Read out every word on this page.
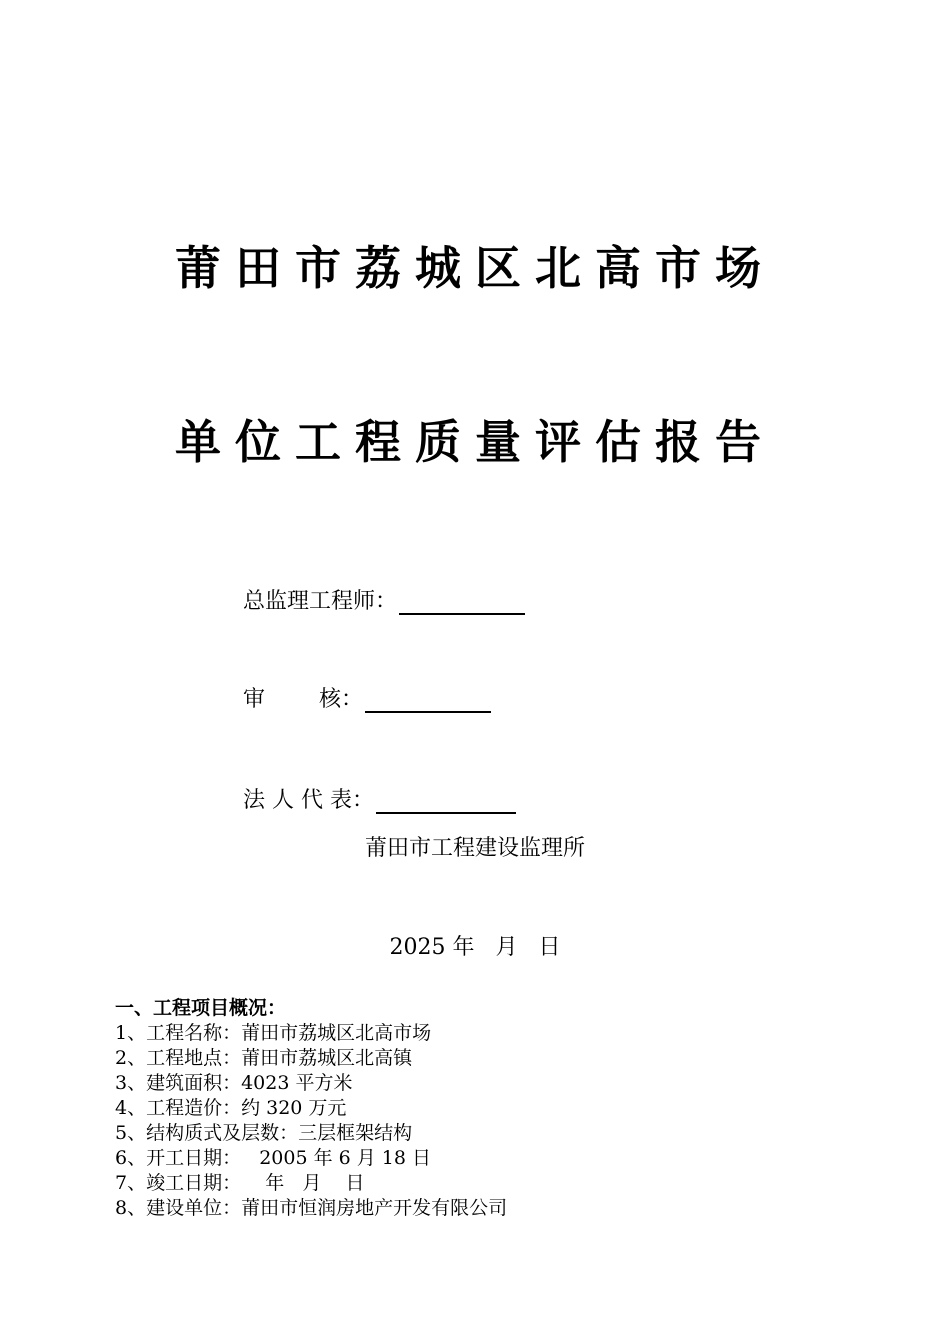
莆田市荔城区北高市场
单位工程质量评估报告
总监理工程师：
审 核：
法 人 代 表：
莆田市工程建设监理所
2025 年   月   日
一、工程项目概况：
1、工程名称：莆田市荔城区北高市场
2、工程地点：莆田市荔城区北高镇
3、建筑面积：4023 平方米
4、工程造价：约 320 万元
5、结构质式及层数：三层框架结构
6、开工日期：   2005 年 6 月 18 日
7、竣工日期：    年   月    日
8、建设单位：莆田市恒润房地产开发有限公司
